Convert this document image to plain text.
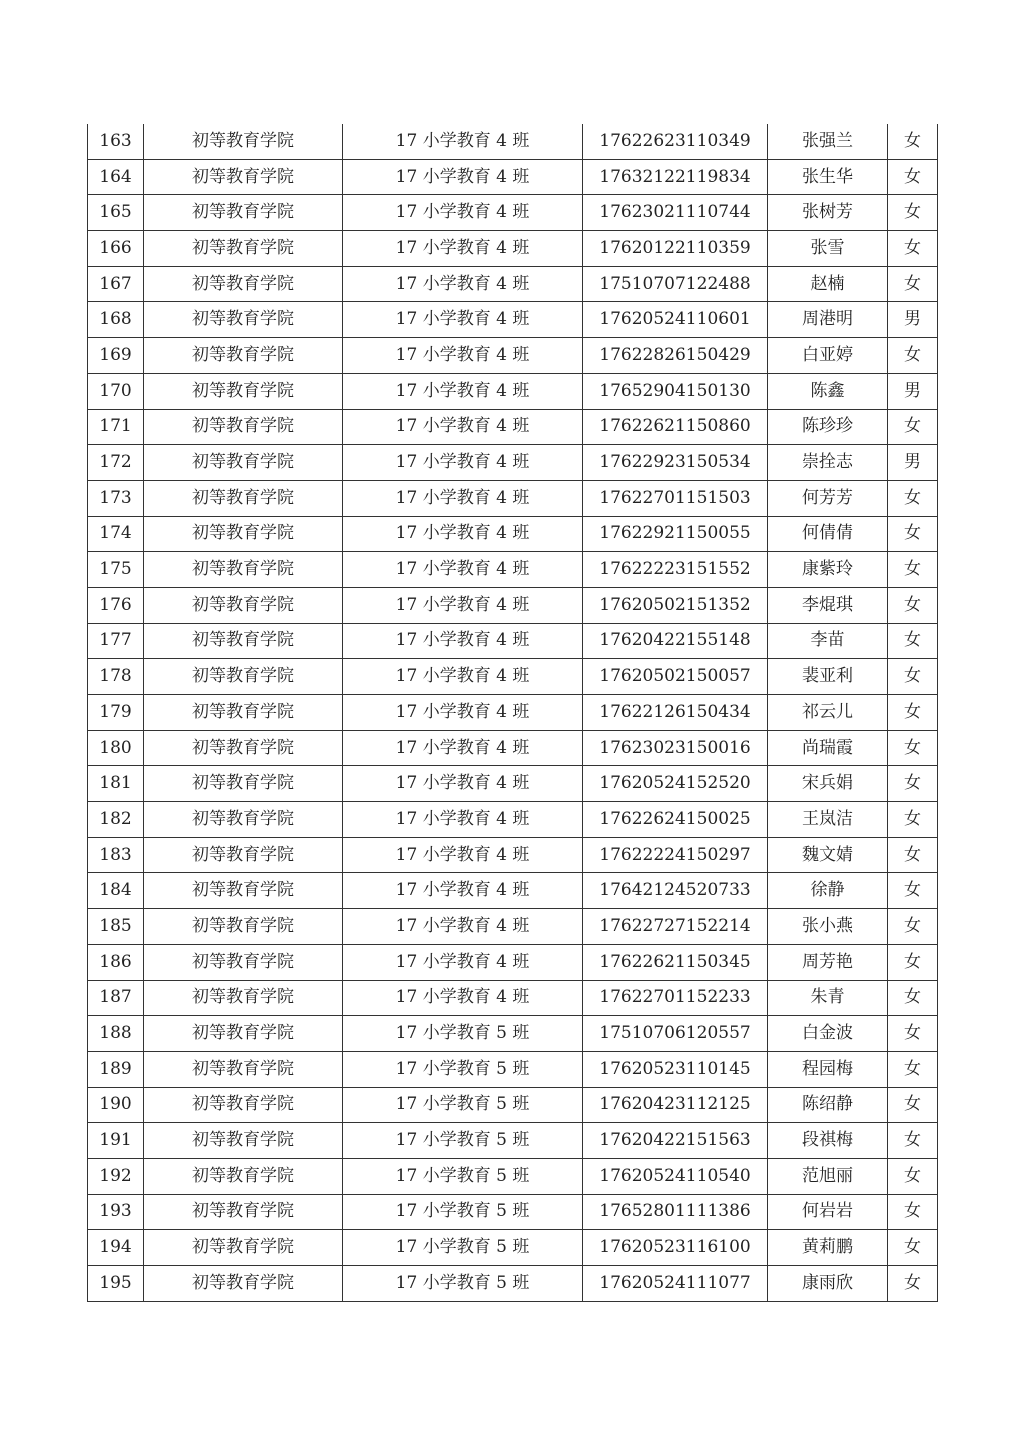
163	初等教育学院	17 小学教育 4 班	17622623110349	张强兰	女
164	初等教育学院	17 小学教育 4 班	17632122119834	张生华	女
165	初等教育学院	17 小学教育 4 班	17623021110744	张树芳	女
166	初等教育学院	17 小学教育 4 班	17620122110359	张雪	女
167	初等教育学院	17 小学教育 4 班	17510707122488	赵楠	女
168	初等教育学院	17 小学教育 4 班	17620524110601	周港明	男
169	初等教育学院	17 小学教育 4 班	17622826150429	白亚婷	女
170	初等教育学院	17 小学教育 4 班	17652904150130	陈鑫	男
171	初等教育学院	17 小学教育 4 班	17622621150860	陈珍珍	女
172	初等教育学院	17 小学教育 4 班	17622923150534	崇拴志	男
173	初等教育学院	17 小学教育 4 班	17622701151503	何芳芳	女
174	初等教育学院	17 小学教育 4 班	17622921150055	何倩倩	女
175	初等教育学院	17 小学教育 4 班	17622223151552	康紫玲	女
176	初等教育学院	17 小学教育 4 班	17620502151352	李焜琪	女
177	初等教育学院	17 小学教育 4 班	17620422155148	李苗	女
178	初等教育学院	17 小学教育 4 班	17620502150057	裴亚利	女
179	初等教育学院	17 小学教育 4 班	17622126150434	祁云儿	女
180	初等教育学院	17 小学教育 4 班	17623023150016	尚瑞霞	女
181	初等教育学院	17 小学教育 4 班	17620524152520	宋兵娟	女
182	初等教育学院	17 小学教育 4 班	17622624150025	王岚洁	女
183	初等教育学院	17 小学教育 4 班	17622224150297	魏文婧	女
184	初等教育学院	17 小学教育 4 班	17642124520733	徐静	女
185	初等教育学院	17 小学教育 4 班	17622727152214	张小燕	女
186	初等教育学院	17 小学教育 4 班	17622621150345	周芳艳	女
187	初等教育学院	17 小学教育 4 班	17622701152233	朱青	女
188	初等教育学院	17 小学教育 5 班	17510706120557	白金波	女
189	初等教育学院	17 小学教育 5 班	17620523110145	程园梅	女
190	初等教育学院	17 小学教育 5 班	17620423112125	陈绍静	女
191	初等教育学院	17 小学教育 5 班	17620422151563	段祺梅	女
192	初等教育学院	17 小学教育 5 班	17620524110540	范旭丽	女
193	初等教育学院	17 小学教育 5 班	17652801111386	何岩岩	女
194	初等教育学院	17 小学教育 5 班	17620523116100	黄莉鹏	女
195	初等教育学院	17 小学教育 5 班	17620524111077	康雨欣	女
